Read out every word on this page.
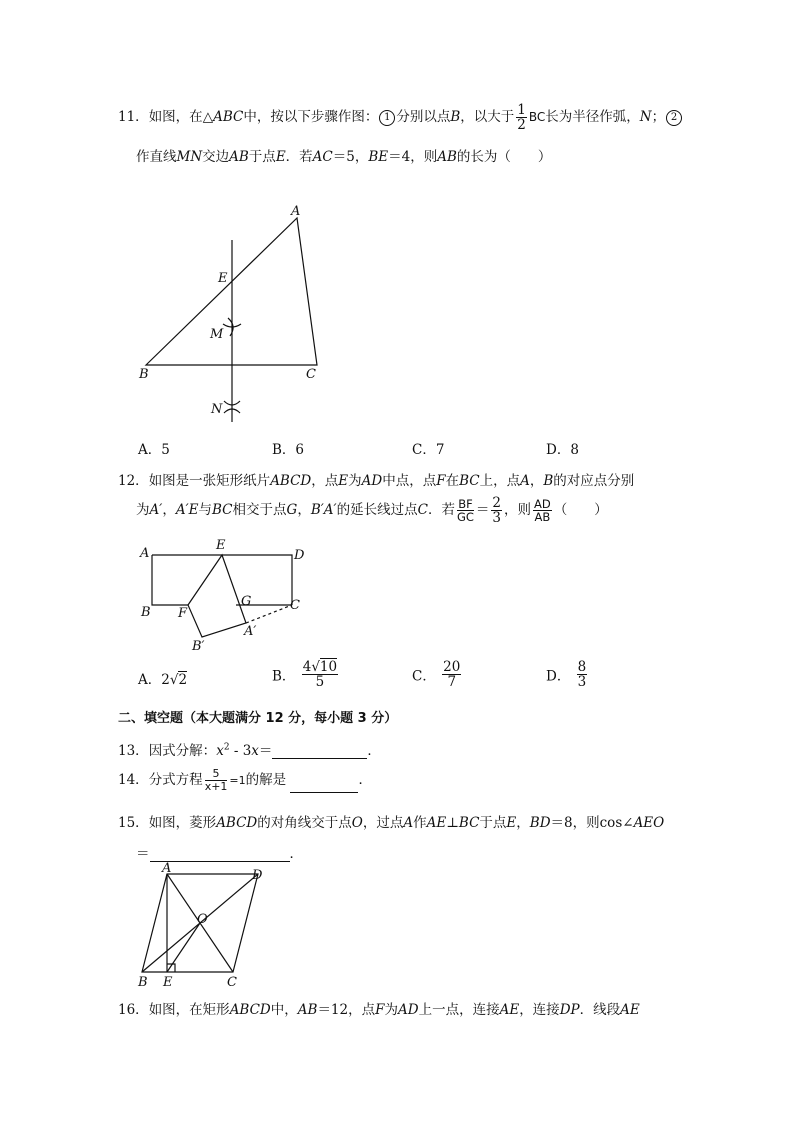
11．如图，在△ABC中，按以下步骤作图： 1 分别以点B，以大于 $\frac{1}{2}$ BC长为半径作弧，N； 2
作直线MN交边AB于点E．若AC＝5，BE＝4，则AB的长为（　　）
A
B	C
E
M
N
A．5	B．6	C．7	D．8
12．如图是一张矩形纸片ABCD，点E为AD中点，点F在BC上，点A，B的对应点分别
为A′，A′E与BC相交于点G，B′A′的延长线过点C．若 $\frac{BF}{GC} = \frac{2}{3}$ ，则 $\frac{AD}{AB}$ （　　）
A
E
D
B F
G	C
A′
B′
A．2√2	B． $\frac{4√10}{5}$	C． $\frac{20}{7}$	D． $\frac{8}{3}$
二、填空题（本大题满分 12 分，每小题 3 分）
13．因式分解：$x^2 - 3x=$	．
14．分式方程 $\frac{5}{x+1} =1$的解是	．
15．如图，菱形ABCD的对角线交于点O，过点A作AE⊥BC于点E，BD＝8，则cos∠AEO
＝	．
A	D
O
B E	C
16．如图，在矩形ABCD中，AB＝12，点F为AD上一点，连接AE，连接DP．线段AE
